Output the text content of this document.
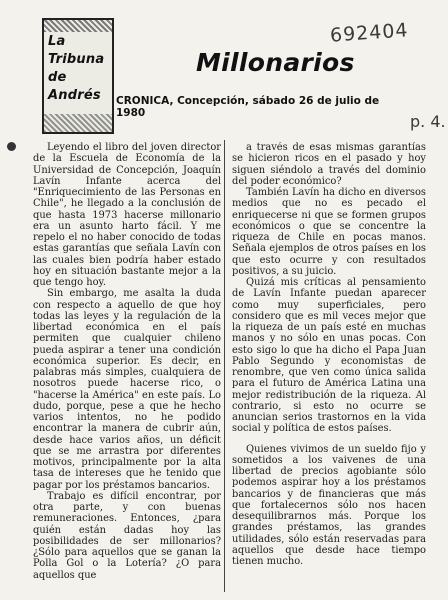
La
Tribuna
de
Andrés
Millonarios
CRONICA, Concepción, sábado 26 de julio de 1980
692404
p. 4.

Leyendo el libro del joven director de la Escuela de Economía de la Universidad de Concepción, Joaquín Lavín Infante acerca del "Enriquecimiento de las Personas en Chile", he llegado a la conclusión de que hasta 1973 hacerse millonario era un asunto harto fácil. Y me repelo el no haber conocido de todas estas garantías que señala Lavín con las cuales bien podría haber estado hoy en situación bastante mejor a la que tengo hoy.

Sin embargo, me asalta la duda con respecto a aquello de que hoy todas las leyes y la regulación de la libertad económica en el país permiten que cualquier chileno pueda aspirar a tener una condición económica superior. Es decir, en palabras más simples, cualquiera de nosotros puede hacerse rico, o "hacerse la América" en este país. Lo dudo, porque, pese a que he hecho varios intentos, no he podido encontrar la manera de cubrir aún, desde hace varios años, un déficit que se me arrastra por diferentes motivos, principalmente por la alta tasa de intereses que he tenido que pagar por los préstamos bancarios.

Trabajo es difícil encontrar, por otra parte, y con buenas remuneraciones. Entonces, ¿para quién están dadas hoy las posibilidades de ser millonarios? ¿Sólo para aquellos que se ganan la Polla Gol o la Lotería? ¿O para aquellos que

a través de esas mismas garantías se hicieron ricos en el pasado y hoy siguen siéndolo a través del dominio del poder económico?

También Lavín ha dicho en diversos medios que no es pecado el enriquecerse ni que se formen grupos económicos o que se concentre la riqueza de Chile en pocas manos. Señala ejemplos de otros países en los que esto ocurre y con resultados positivos, a su juicio.

Quizá mis críticas al pensamiento de Lavín Infante puedan aparecer como muy superficiales, pero considero que es mil veces mejor que la riqueza de un país esté en muchas manos y no sólo en unas pocas. Con esto sigo lo que ha dicho el Papa Juan Pablo Segundo y economistas de renombre, que ven como única salida para el futuro de América Latina una mejor redistribución de la riqueza. Al contrario, si esto no ocurre se anuncian serios trastornos en la vida social y política de estos países.

Quienes vivimos de un sueldo fijo y sometidos a los vaivenes de una libertad de precios agobiante sólo podemos aspirar hoy a los préstamos bancarios y de financieras que más que fortalecernos sólo nos hacen desequilibrarnos más. Porque los grandes préstamos, las grandes utilidades, sólo están reservadas para aquellos que desde hace tiempo tienen mucho.
